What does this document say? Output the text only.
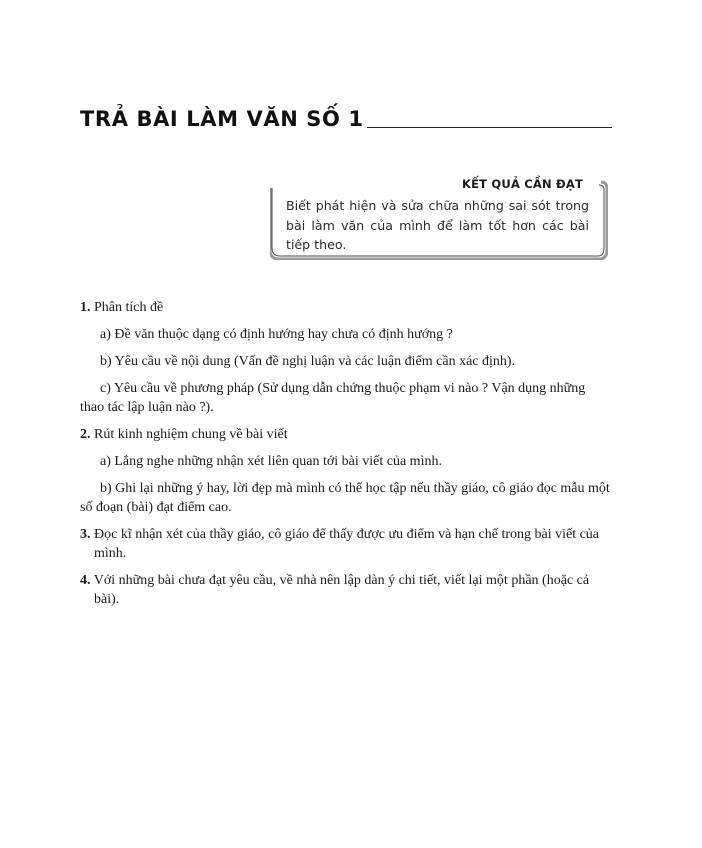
TRẢ BÀI LÀM VĂN SỐ 1
KẾT QUẢ CẦN ĐẠT
Biết phát hiện và sửa chữa những sai sót trong bài làm văn của mình để làm tốt hơn các bài tiếp theo.

1. Phân tích đề

a) Đề văn thuộc dạng có định hướng hay chưa có định hướng ?

b) Yêu cầu về nội dung (Vấn đề nghị luận và các luận điểm cần xác định).

c) Yêu cầu về phương pháp (Sử dụng dẫn chứng thuộc phạm vi nào ? Vận dụng những thao tác lập luận nào ?).

2. Rút kinh nghiệm chung về bài viết

a) Lắng nghe những nhận xét liên quan tới bài viết của mình.

b) Ghi lại những ý hay, lời đẹp mà mình có thể học tập nếu thầy giáo, cô giáo đọc mẫu một số đoạn (bài) đạt điểm cao.

3. Đọc kĩ nhận xét của thầy giáo, cô giáo để thấy được ưu điểm và hạn chế trong bài viết của mình.

4. Với những bài chưa đạt yêu cầu, về nhà nên lập dàn ý chi tiết, viết lại một phần (hoặc cả bài).
